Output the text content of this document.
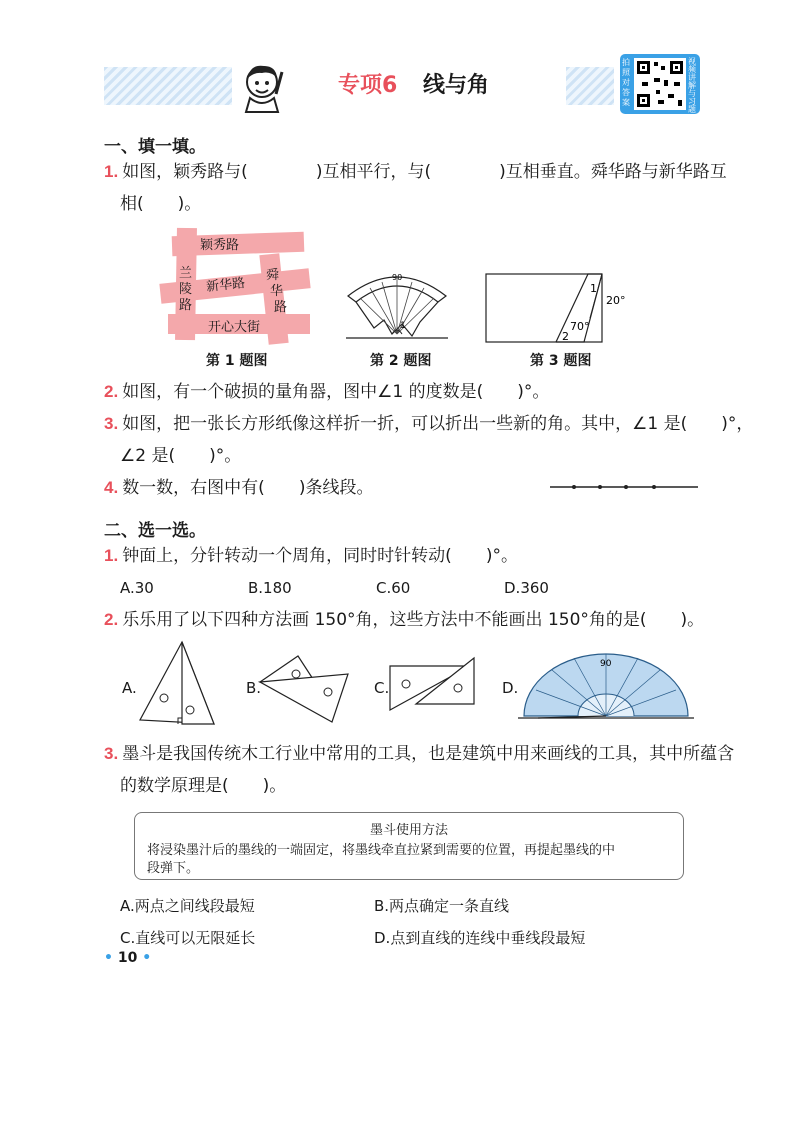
专项6 线与角
拍照对答案
视频讲解与习题
一、填一填。
1. 如图，颖秀路与(　　　　)互相平行，与(　　　　)互相垂直。舜华路与新华路互
相(　　)。
颖秀路
兰
陵
路
新华路
舜
华
路
开心大街
第 1 题图
90
1
第 2 题图
1
2
20°
70°
第 3 题图
2. 如图，有一个破损的量角器，图中∠1 的度数是(　　)°。
3. 如图，把一张长方形纸像这样折一折，可以折出一些新的角。其中，∠1 是(　　)°，
∠2 是(　　)°。
4. 数一数，右图中有(　　)条线段。
二、选一选。
1. 钟面上，分针转动一个周角，同时时针转动(　　)°。
A.30	B.180	C.60	D.360
2. 乐乐用了以下四种方法画 150°角，这些方法中不能画出 150°角的是(　　)。
A.	B.	C.	D.
90
3. 墨斗是我国传统木工行业中常用的工具，也是建筑中用来画线的工具，其中所蕴含
的数学原理是(　　)。
墨斗使用方法
将浸染墨汁后的墨线的一端固定，将墨线牵直拉紧到需要的位置，再提起墨线的中
段弹下。
A.两点之间线段最短	B.两点确定一条直线
C.直线可以无限延长	D.点到直线的连线中垂线段最短
• 10 •
